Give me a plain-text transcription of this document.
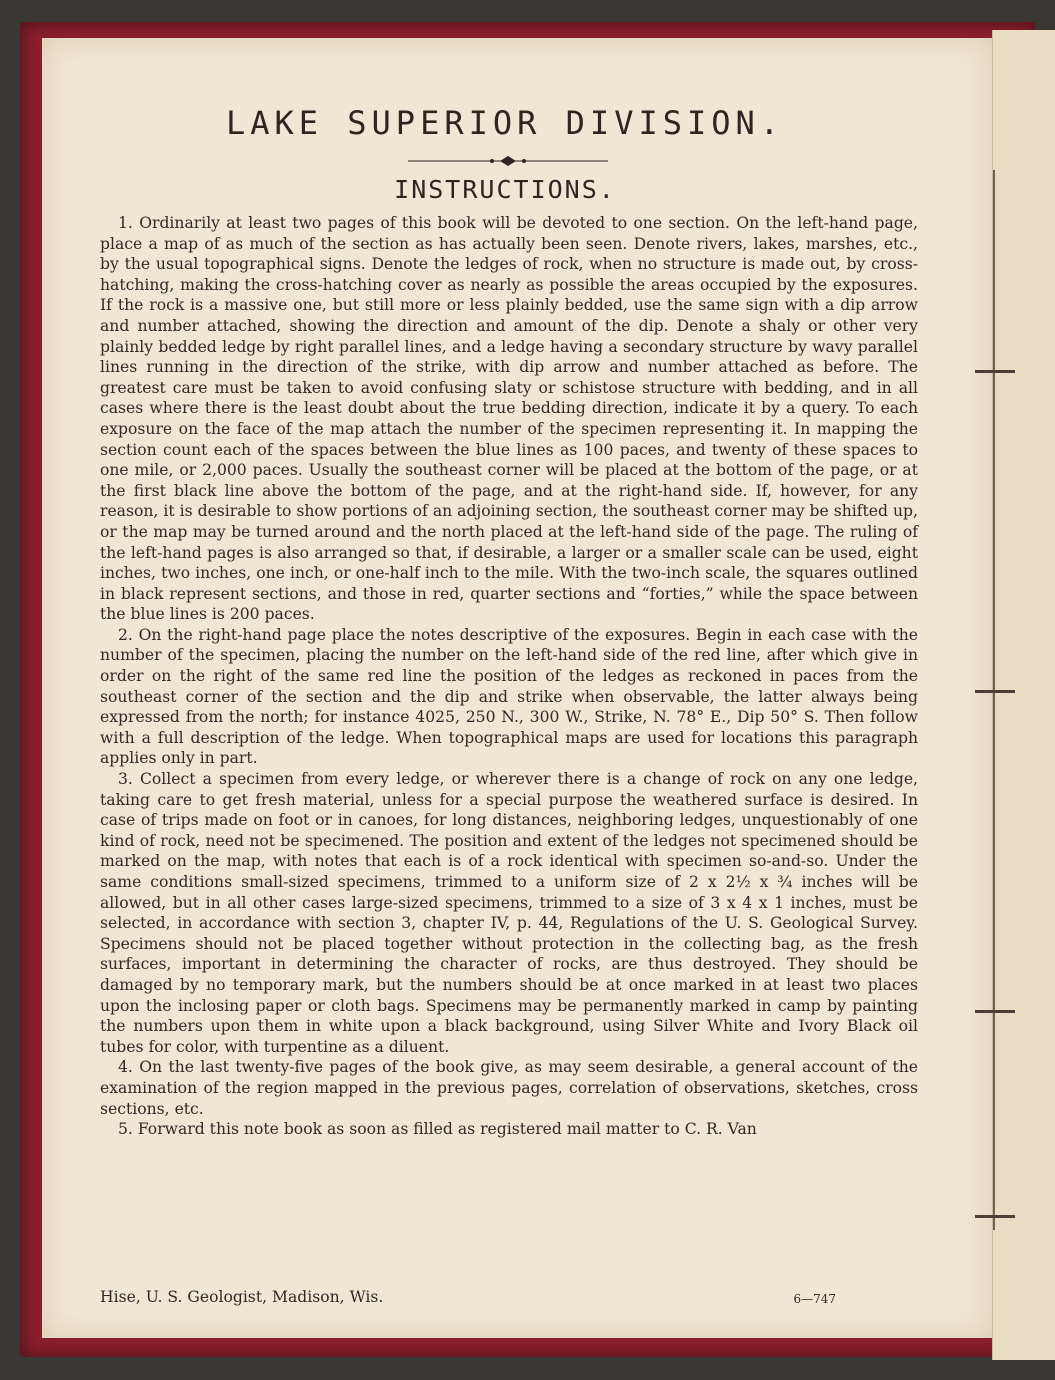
LAKE SUPERIOR DIVISION.
INSTRUCTIONS.

1. Ordinarily at least two pages of this book will be devoted to one section. On the left-hand page, place a map of as much of the section as has actually been seen. Denote rivers, lakes, marshes, etc., by the usual topographical signs. Denote the ledges of rock, when no structure is made out, by cross-hatching, making the cross-hatching cover as nearly as possible the areas occupied by the exposures. If the rock is a massive one, but still more or less plainly bedded, use the same sign with a dip arrow and number attached, showing the direction and amount of the dip. Denote a shaly or other very plainly bedded ledge by right parallel lines, and a ledge having a secondary structure by wavy parallel lines running in the direction of the strike, with dip arrow and number attached as before. The greatest care must be taken to avoid confusing slaty or schistose structure with bedding, and in all cases where there is the least doubt about the true bedding direction, indicate it by a query. To each exposure on the face of the map attach the number of the specimen representing it. In mapping the section count each of the spaces between the blue lines as 100 paces, and twenty of these spaces to one mile, or 2,000 paces. Usually the southeast corner will be placed at the bottom of the page, or at the first black line above the bottom of the page, and at the right-hand side. If, however, for any reason, it is desirable to show portions of an adjoining section, the southeast corner may be shifted up, or the map may be turned around and the north placed at the left-hand side of the page. The ruling of the left-hand pages is also arranged so that, if desirable, a larger or a smaller scale can be used, eight inches, two inches, one inch, or one-half inch to the mile. With the two-inch scale, the squares outlined in black represent sections, and those in red, quarter sections and “forties,” while the space between the blue lines is 200 paces.

2. On the right-hand page place the notes descriptive of the exposures. Begin in each case with the number of the specimen, placing the number on the left-hand side of the red line, after which give in order on the right of the same red line the position of the ledges as reckoned in paces from the southeast corner of the section and the dip and strike when observable, the latter always being expressed from the north; for instance 4025, 250 N., 300 W., Strike, N. 78° E., Dip 50° S. Then follow with a full description of the ledge. When topographical maps are used for locations this paragraph applies only in part.

3. Collect a specimen from every ledge, or wherever there is a change of rock on any one ledge, taking care to get fresh material, unless for a special purpose the weathered surface is desired. In case of trips made on foot or in canoes, for long distances, neighboring ledges, unquestionably of one kind of rock, need not be specimened. The position and extent of the ledges not specimened should be marked on the map, with notes that each is of a rock identical with specimen so-and-so. Under the same conditions small-sized specimens, trimmed to a uniform size of 2 x 2½ x ¾ inches will be allowed, but in all other cases large-sized specimens, trimmed to a size of 3 x 4 x 1 inches, must be selected, in accordance with section 3, chapter IV, p. 44, Regulations of the U. S. Geological Survey. Specimens should not be placed together without protection in the collecting bag, as the fresh surfaces, important in determining the character of rocks, are thus destroyed. They should be damaged by no temporary mark, but the numbers should be at once marked in at least two places upon the inclosing paper or cloth bags. Specimens may be permanently marked in camp by painting the numbers upon them in white upon a black background, using Silver White and Ivory Black oil tubes for color, with turpentine as a diluent.

4. On the last twenty-five pages of the book give, as may seem desirable, a general account of the examination of the region mapped in the previous pages, correlation of observations, sketches, cross sections, etc.

5. Forward this note book as soon as filled as registered mail matter to C. R. Van

Hise, U. S. Geologist, Madison, Wis.	6—747
